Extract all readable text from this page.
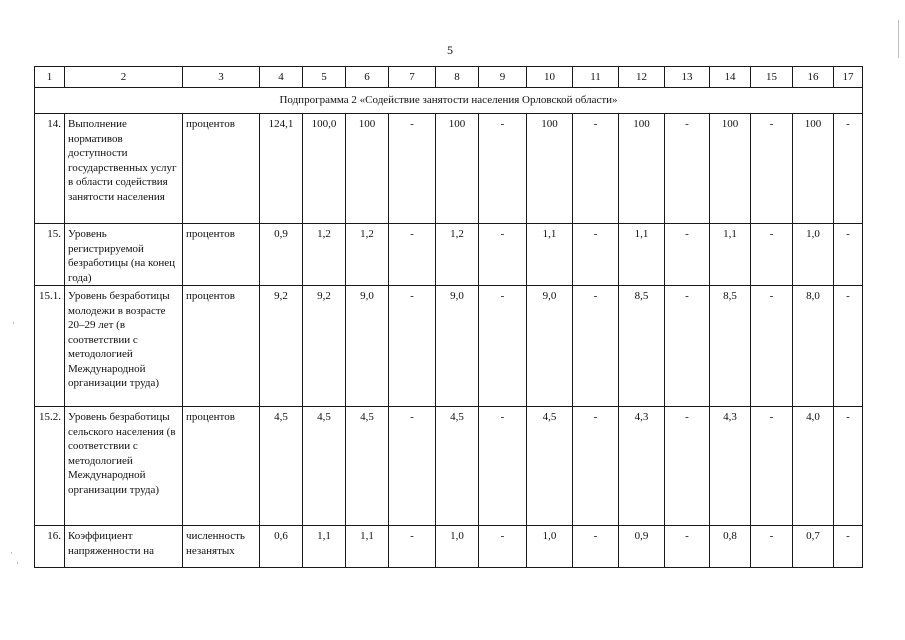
5
·
·
·
1	2	3	4	5	6	7	8	9	10	11	12	13	14	15	16	17
Подпрограмма 2 «Содействие занятости населения Орловской области»																
14.	Выполнение нормативов доступности государственных услуг в области содействия занятости населения	процентов	124,1	100,0	100	-	100	-	100	-	100	-	100	-	100	-
15.	Уровень регистрируемой безработицы (на конец года)	процентов	0,9	1,2	1,2	-	1,2	-	1,1	-	1,1	-	1,1	-	1,0	-
15.1.	Уровень безработицы молодежи в возрасте 20–29 лет (в соответствии с методологией Международной организации труда)	процентов	9,2	9,2	9,0	-	9,0	-	9,0	-	8,5	-	8,5	-	8,0	-
15.2.	Уровень безработицы сельского населения (в соответствии с методологией Международной организации труда)	процентов	4,5	4,5	4,5	-	4,5	-	4,5	-	4,3	-	4,3	-	4,0	-
16.	Коэффициент напряженности на	численность незанятых	0,6	1,1	1,1	-	1,0	-	1,0	-	0,9	-	0,8	-	0,7	-
